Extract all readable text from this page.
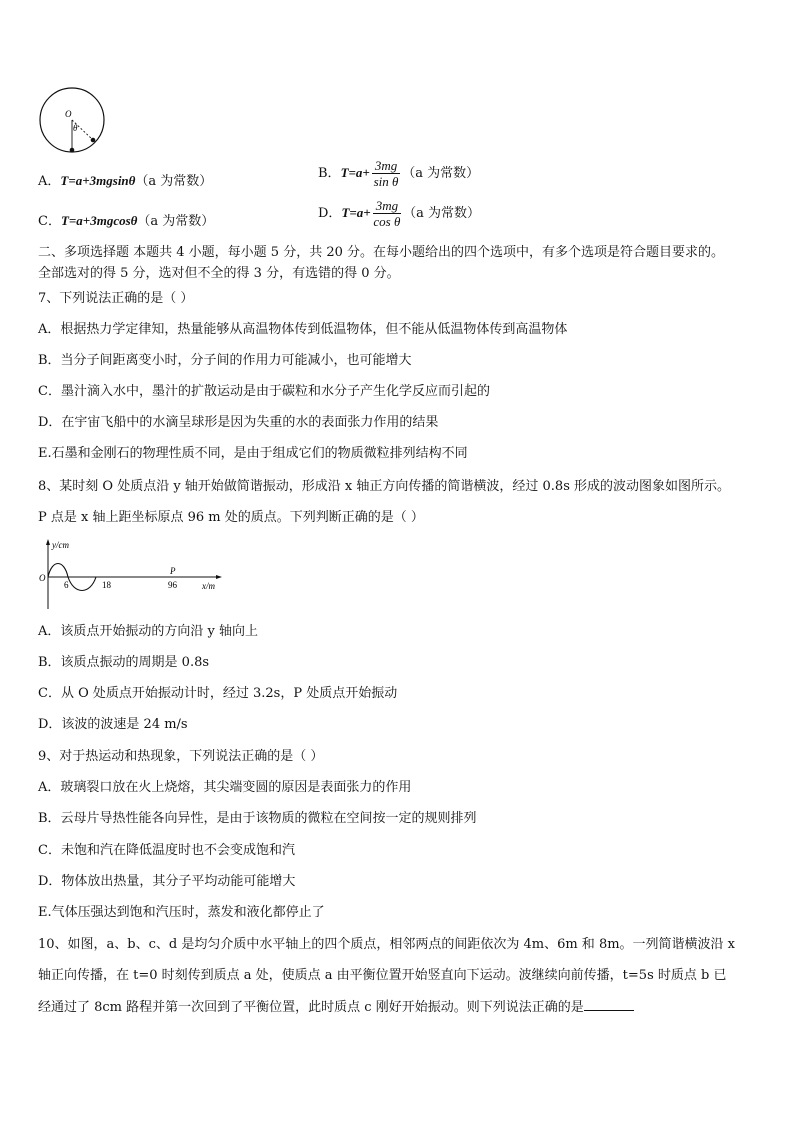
O
θ
A．T=a+3mgsinθ（a 为常数）
B．$T=a+ \frac{3mg}{\text{sin θ}} (a$ 为常数）
C．T=a+3mgcosθ（a 为常数）
D．$T=a+ \frac{3mg}{\text{cos θ}} (a$ 为常数）
二、多项选择题 本题共 4 小题，每小题 5 分，共 20 分。在每小题给出的四个选项中，有多个选项是符合题目要求的。
全部选对的得 5 分，选对但不全的得 3 分，有选错的得 0 分。
7、下列说法正确的是（ ）
A．根据热力学定律知，热量能够从高温物体传到低温物体，但不能从低温物体传到高温物体
B．当分子间距离变小时，分子间的作用力可能减小，也可能增大
C．墨汁滴入水中，墨汁的扩散运动是由于碳粒和水分子产生化学反应而引起的
D．在宇宙飞船中的水滴呈球形是因为失重的水的表面张力作用的结果
E.石墨和金刚石的物理性质不同，是由于组成它们的物质微粒排列结构不同
8、某时刻 O 处质点沿 y 轴开始做简谐振动，形成沿 x 轴正方向传播的简谐横波，经过 0.8s 形成的波动图象如图所示。
P 点是 x 轴上距坐标原点 96 m 处的质点。下列判断正确的是（ ）
y/cm
O
6	18
P
96	x/m
A．该质点开始振动的方向沿 y 轴向上
B．该质点振动的周期是 0.8s
C．从 O 处质点开始振动计时，经过 3.2s，P 处质点开始振动
D．该波的波速是 24 m/s
9、对于热运动和热现象，下列说法正确的是（ ）
A．玻璃裂口放在火上烧熔，其尖端变圆的原因是表面张力的作用
B．云母片导热性能各向异性，是由于该物质的微粒在空间按一定的规则排列
C．未饱和汽在降低温度时也不会变成饱和汽
D．物体放出热量，其分子平均动能可能增大
E.气体压强达到饱和汽压时，蒸发和液化都停止了
10、如图，a、b、c、d 是均匀介质中水平轴上的四个质点，相邻两点的间距依次为 4m、6m 和 8m。一列简谐横波沿 x
轴正向传播，在 t=0 时刻传到质点 a 处，使质点 a 由平衡位置开始竖直向下运动。波继续向前传播，t=5s 时质点 b 已
经通过了 8cm 路程并第一次回到了平衡位置，此时质点 c 刚好开始振动。则下列说法正确的是
